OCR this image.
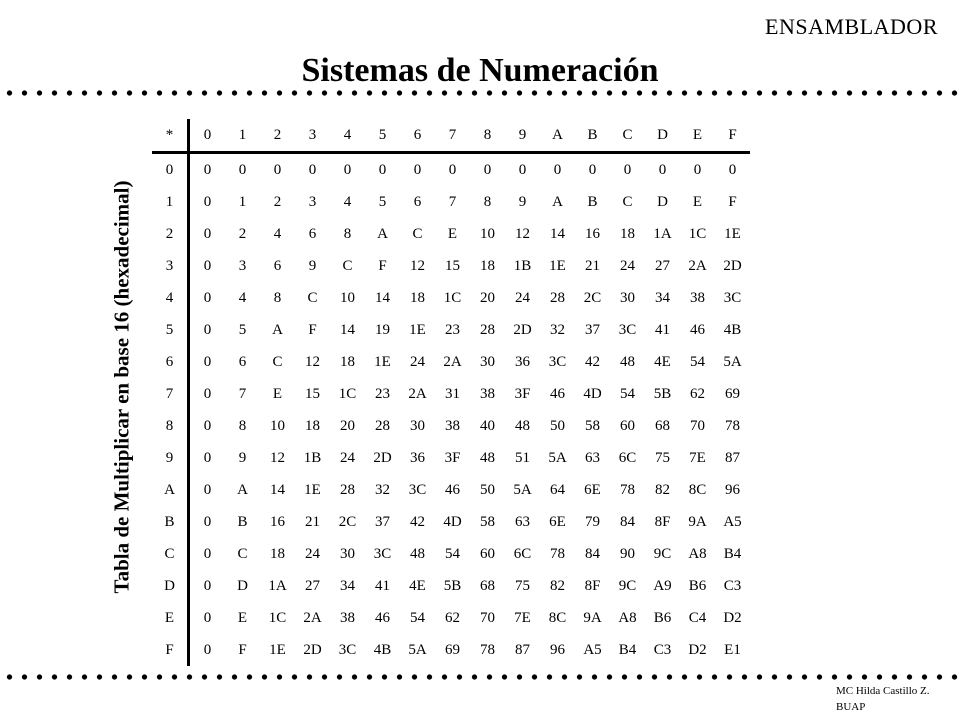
ENSAMBLADOR
Sistemas de Numeración
Tabla de Multiplicar en base 16 (hexadecimal)
*	0	1	2	3	4	5	6	7	8	9	A	B	C	D	E	F
0	0	0	0	0	0	0	0	0	0	0	0	0	0	0	0	0
1	0	1	2	3	4	5	6	7	8	9	A	B	C	D	E	F
2	0	2	4	6	8	A	C	E	10	12	14	16	18	1A	1C	1E
3	0	3	6	9	C	F	12	15	18	1B	1E	21	24	27	2A	2D
4	0	4	8	C	10	14	18	1C	20	24	28	2C	30	34	38	3C
5	0	5	A	F	14	19	1E	23	28	2D	32	37	3C	41	46	4B
6	0	6	C	12	18	1E	24	2A	30	36	3C	42	48	4E	54	5A
7	0	7	E	15	1C	23	2A	31	38	3F	46	4D	54	5B	62	69
8	0	8	10	18	20	28	30	38	40	48	50	58	60	68	70	78
9	0	9	12	1B	24	2D	36	3F	48	51	5A	63	6C	75	7E	87
A	0	A	14	1E	28	32	3C	46	50	5A	64	6E	78	82	8C	96
B	0	B	16	21	2C	37	42	4D	58	63	6E	79	84	8F	9A	A5
C	0	C	18	24	30	3C	48	54	60	6C	78	84	90	9C	A8	B4
D	0	D	1A	27	34	41	4E	5B	68	75	82	8F	9C	A9	B6	C3
E	0	E	1C	2A	38	46	54	62	70	7E	8C	9A	A8	B6	C4	D2
F	0	F	1E	2D	3C	4B	5A	69	78	87	96	A5	B4	C3	D2	E1
MC Hilda Castillo Z.
BUAP
